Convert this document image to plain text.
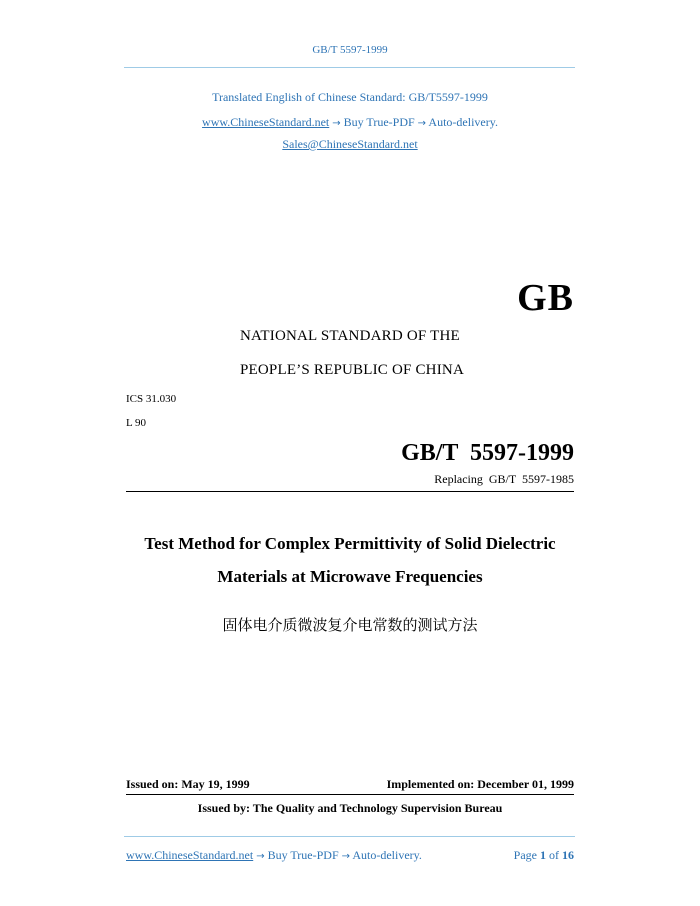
GB/T 5597-1999
Translated English of Chinese Standard: GB/T5597-1999
www.ChineseStandard.net → Buy True-PDF → Auto-delivery.
Sales@ChineseStandard.net
GB
NATIONAL STANDARD OF THE
PEOPLE’S REPUBLIC OF CHINA
ICS 31.030
L 90
GB/T 5597-1999
Replacing GB/T 5597-1985
Test Method for Complex Permittivity of Solid Dielectric
Materials at Microwave Frequencies
固体电介质微波复介电常数的测试方法
Issued on: May 19, 1999	Implemented on: December 01, 1999
Issued by: The Quality and Technology Supervision Bureau
www.ChineseStandard.net → Buy True-PDF → Auto-delivery.	Page 1 of 16
